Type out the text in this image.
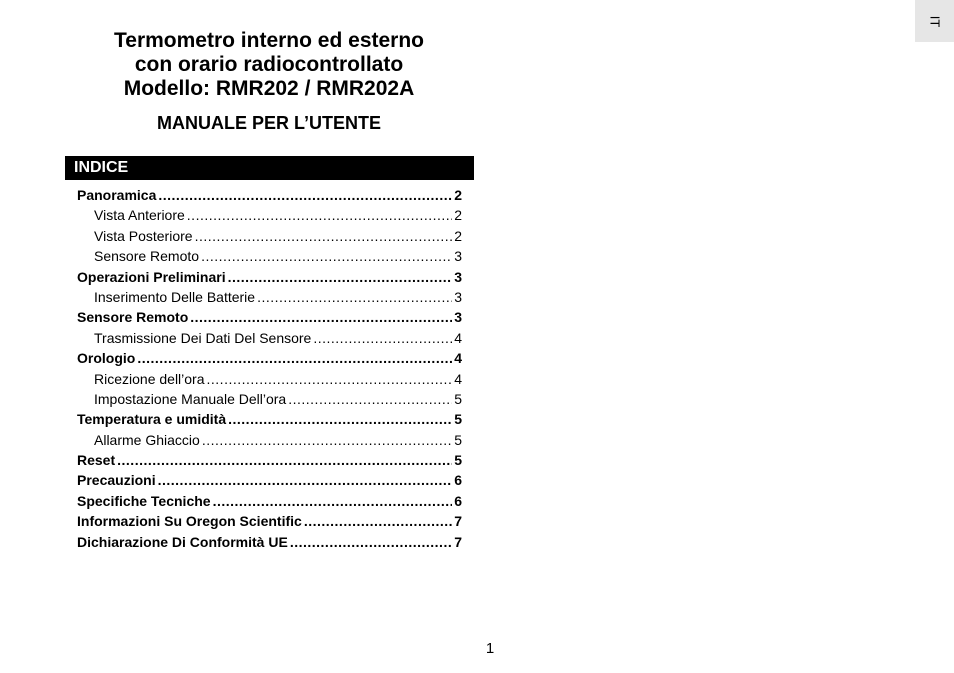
Termometro interno ed esterno
con orario radiocontrollato
Modello: RMR202 / RMR202A
MANUALE PER L’UTENTE
INDICE
Panoramica .....	2
Vista Anteriore .....	2
Vista Posteriore .....	2
Sensore Remoto .....	3
Operazioni Preliminari .....	3
Inserimento Delle Batterie .....	3
Sensore Remoto .....	3
Trasmissione Dei Dati Del Sensore .....	4
Orologio .....	4
Ricezione dell’ora .....	4
Impostazione Manuale Dell’ora .....	5
Temperatura e umidità .....	5
Allarme Ghiaccio .....	5
Reset .....	5
Precauzioni .....	6
Specifiche Tecniche .....	6
Informazioni Su Oregon Scientific .....	7
Dichiarazione Di Conformità UE .....	7
IT
1
